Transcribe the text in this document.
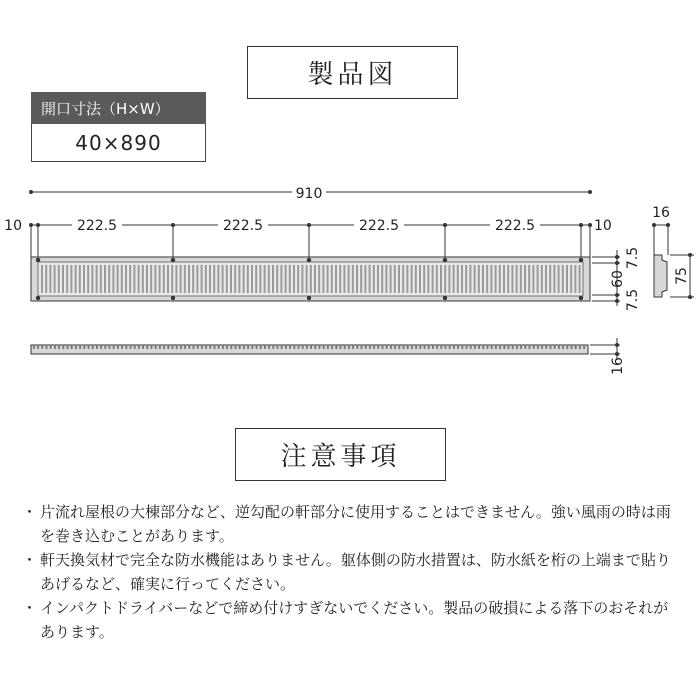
製品図
開口寸法（H×W）
40×890
910
10	10
222.5	222.5	222.5	222.5
7.5
60
7.5
16
75
16
注意事項
・ 片流れ屋根の大棟部分など、逆勾配の軒部分に使用することはできません。強い風雨の時は雨を巻き込むことがあります。
・ 軒天換気材で完全な防水機能はありません。躯体側の防水措置は、防水紙を桁の上端まで貼りあげるなど、確実に行ってください。
・ インパクトドライバーなどで締め付けすぎないでください。製品の破損による落下のおそれがあります。
